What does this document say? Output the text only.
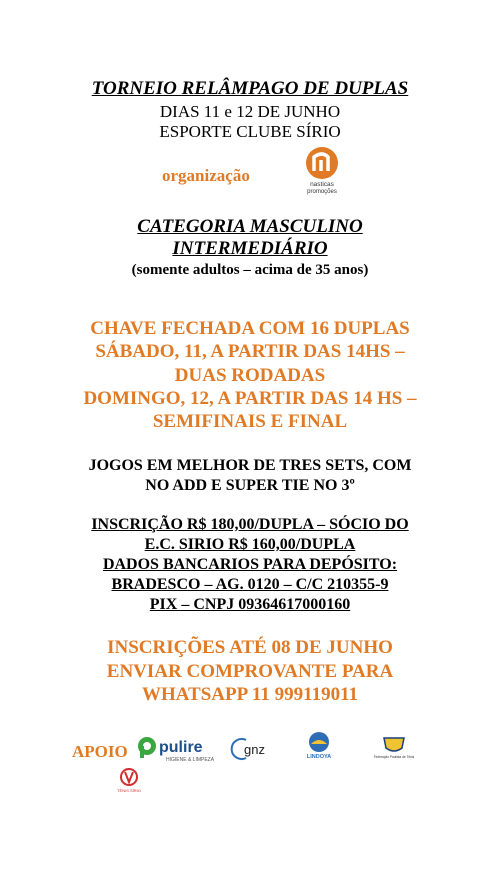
TORNEIO RELÂMPAGO DE DUPLAS
DIAS 11 e 12 DE JUNHO
ESPORTE CLUBE SÍRIO
organização	nasticas
promoções
CATEGORIA MASCULINO
INTERMEDIÁRIO
(somente adultos – acima de 35 anos)
CHAVE FECHADA COM 16 DUPLAS
SÁBADO, 11, A PARTIR DAS 14HS –
DUAS RODADAS
DOMINGO, 12, A PARTIR DAS 14 HS –
SEMIFINAIS E FINAL
JOGOS EM MELHOR DE TRES SETS, COM
NO ADD E SUPER TIE NO 3º
INSCRIÇÃO R$ 180,00/DUPLA – SÓCIO DO
E.C. SIRIO R$ 160,00/DUPLA
DADOS BANCARIOS PARA DEPÓSITO:
BRADESCO – AG. 0120 – C/C 210355-9
PIX – CNPJ 09364617000160
INSCRIÇÕES ATÉ 08 DE JUNHO
ENVIAR COMPROVANTE PARA
WHATSAPP 11 999119011
APOIO pulire
HIGIENE & LIMPEZA
gnz	LINDOYA	Federação Paulista de Tênis
TÊNIS SÍRIO
